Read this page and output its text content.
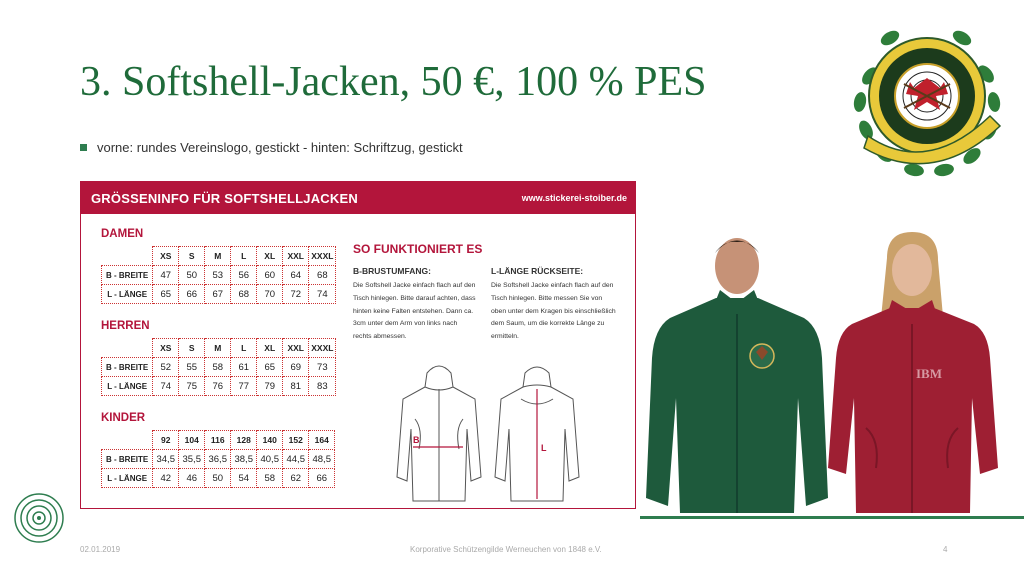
3. Softshell-Jacken, 50 €, 100 % PES
vorne: rundes Vereinslogo, gestickt - hinten: Schriftzug, gestickt
GRÖSSENINFO FÜR SOFTSHELLJACKEN	www.stickerei-stoiber.de
DAMEN
	XS	S	M	L	XL	XXL	XXXL
B - BREITE	47	50	53	56	60	64	68
L - LÄNGE	65	66	67	68	70	72	74
HERREN
	XS	S	M	L	XL	XXL	XXXL
B - BREITE	52	55	58	61	65	69	73
L - LÄNGE	74	75	76	77	79	81	83
KINDER
	92	104	116	128	140	152	164
B - BREITE	34,5	35,5	36,5	38,5	40,5	44,5	48,5
L - LÄNGE	42	46	50	54	58	62	66
SO FUNKTIONIERT ES
B-BRUSTUMFANG:
Die Softshell Jacke einfach flach auf den
Tisch hinlegen. Bitte darauf achten, dass
hinten keine Falten entstehen. Dann ca.
3cm unter dem Arm von links nach
rechts abmessen.
L-LÄNGE RÜCKSEITE:
Die Softshell Jacke einfach flach auf den
Tisch hinlegen. Bitte messen Sie von
oben unter dem Kragen bis einschließlich
dem Saum, um die korrekte Länge zu
ermitteln.
B
L
IBM
02.01.2019	Korporative Schützengilde Werneuchen von 1848 e.V.	4
